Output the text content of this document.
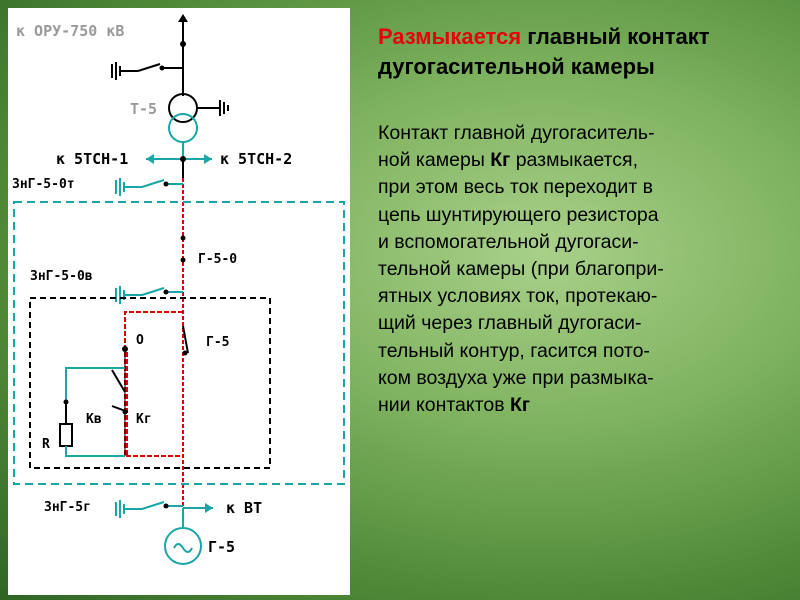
к ОРУ-750 кВ
Т-5
к 5ТСН-1	к 5ТСН-2
ЗнГ-5-0т
Г-5-0
ЗнГ-5-0в
О	Г-5
R
Кв	Кг
ЗнГ-5г	к ВТ
Г-5
Размыкается главный контакт дугогасительной камеры
Контакт главной дугогаситель-
ной камеры Кг размыкается,
при этом весь ток переходит в
цепь шунтирующего резистора
и вспомогательной дугогаси-
тельной камеры (при благопри-
ятных условиях ток, протекаю-
щий через главный дугогаси-
тельный контур, гасится пото-
ком воздуха уже при размыка-
нии контактов Кг
